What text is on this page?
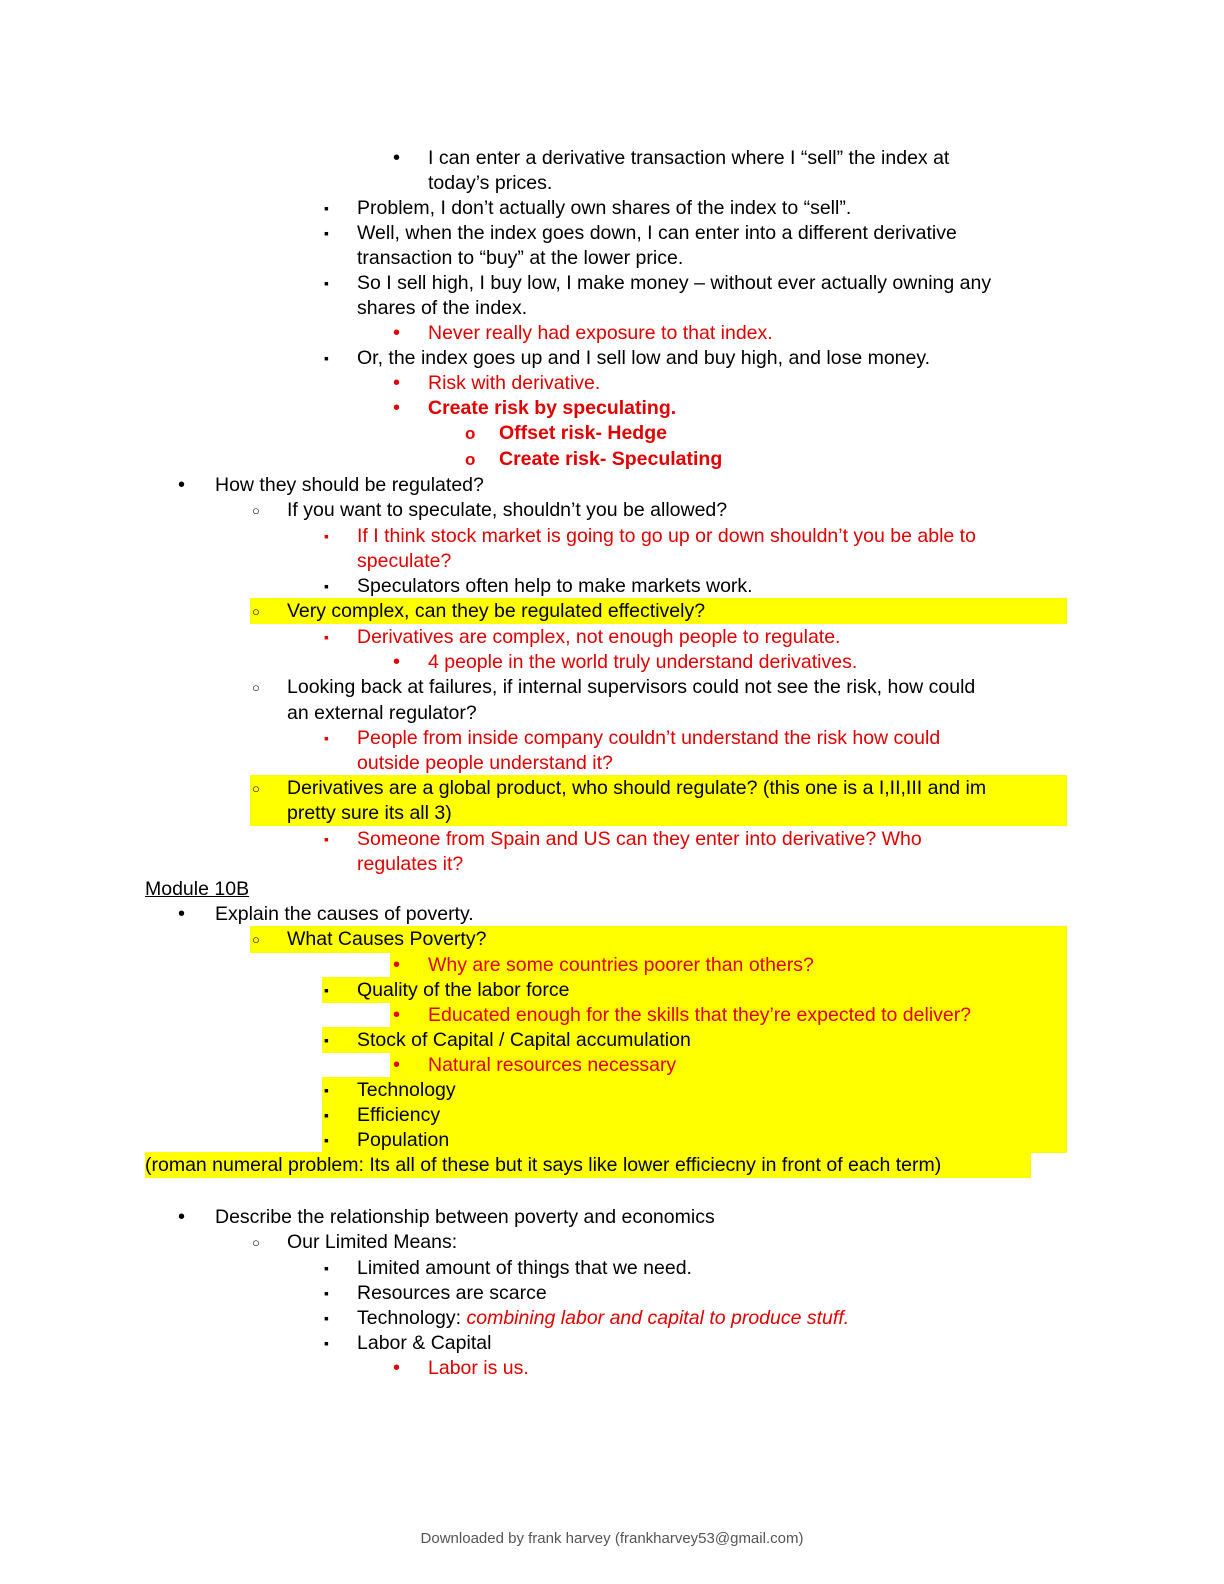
• I can enter a derivative transaction where I “sell” the index at
today’s prices.
▪ Problem, I don’t actually own shares of the index to “sell”.
▪ Well, when the index goes down, I can enter into a different derivative
transaction to “buy” at the lower price.
▪ So I sell high, I buy low, I make money – without ever actually owning any
shares of the index.
• Never really had exposure to that index.
▪ Or, the index goes up and I sell low and buy high, and lose money.
• Risk with derivative.
• Create risk by speculating.
o Offset risk- Hedge
o Create risk- Speculating
• How they should be regulated?
○ If you want to speculate, shouldn’t you be allowed?
▪ If I think stock market is going to go up or down shouldn’t you be able to
speculate?
▪ Speculators often help to make markets work.
○ Very complex, can they be regulated effectively?
▪ Derivatives are complex, not enough people to regulate.
• 4 people in the world truly understand derivatives.
○ Looking back at failures, if internal supervisors could not see the risk, how could
an external regulator?
▪ People from inside company couldn’t understand the risk how could
outside people understand it?
○ Derivatives are a global product, who should regulate? (this one is a I,II,III and im
pretty sure its all 3)
▪ Someone from Spain and US can they enter into derivative? Who
regulates it?
• Explain the causes of poverty.
○ What Causes Poverty?
• Why are some countries poorer than others?
▪ Quality of the labor force
• Educated enough for the skills that they’re expected to deliver?
▪ Stock of Capital / Capital accumulation
• Natural resources necessary
▪ Technology
▪ Efficiency
▪ Population
(roman numeral problem: Its all of these but it says like lower efficiecny in front of each term)
• Describe the relationship between poverty and economics
○ Our Limited Means:
▪ Limited amount of things that we need.
▪ Resources are scarce
▪ Labor & Capital
• Labor is us.
Module 10B
▪ Technology: combining labor and capital to produce stuff.
Downloaded by frank harvey (frankharvey53@gmail.com)
